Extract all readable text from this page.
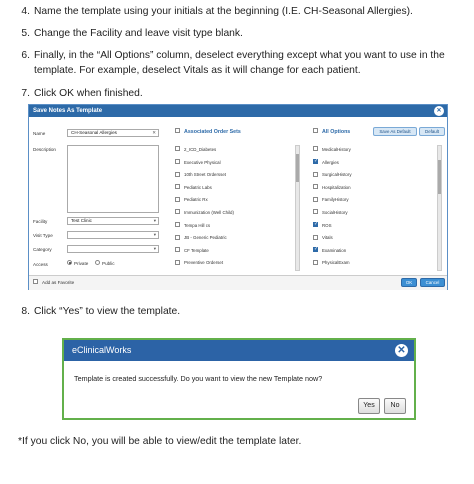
4. Name the template using your initials at the beginning (I.E. CH-Seasonal Allergies).
5. Change the Facility and leave visit type blank.
6. Finally, in the “All Options” column, deselect everything except what you want to use in the template. For example, deselect Vitals as it will change for each patient.
7. Click OK when finished.
Save Notes As Template	✕
Name	CH-Seasonal Allergies	✕
Description
Facility	Test Clinic	▾
Visit Type	▾
Category	▾
Access	Private	Public
Associated Order Sets
2_ICD_Diabetes
Executive Physical
10th Street Ordersset
Pediatric Labs
Pediatric Rx
Immunization (Well Child)
Tempa Hill cs
JB - Generic Pediatric
CF Template
Preventive Orderset
All Options	Save As Default	Default
MedicalHistory
✓Allergies
SurgicalHistory
Hospitalization
FamilyHistory
SocialHistory
✓ROS
Vitals
✓Examination
PhysicalExam
Add as Favorite	OK	Cancel
8. Click “Yes” to view the template.
eClinicalWorks	✕
Template is created successfully. Do you want to view the new Template now?
Yes	No
*If you click No, you will be able to view/edit the template later.
